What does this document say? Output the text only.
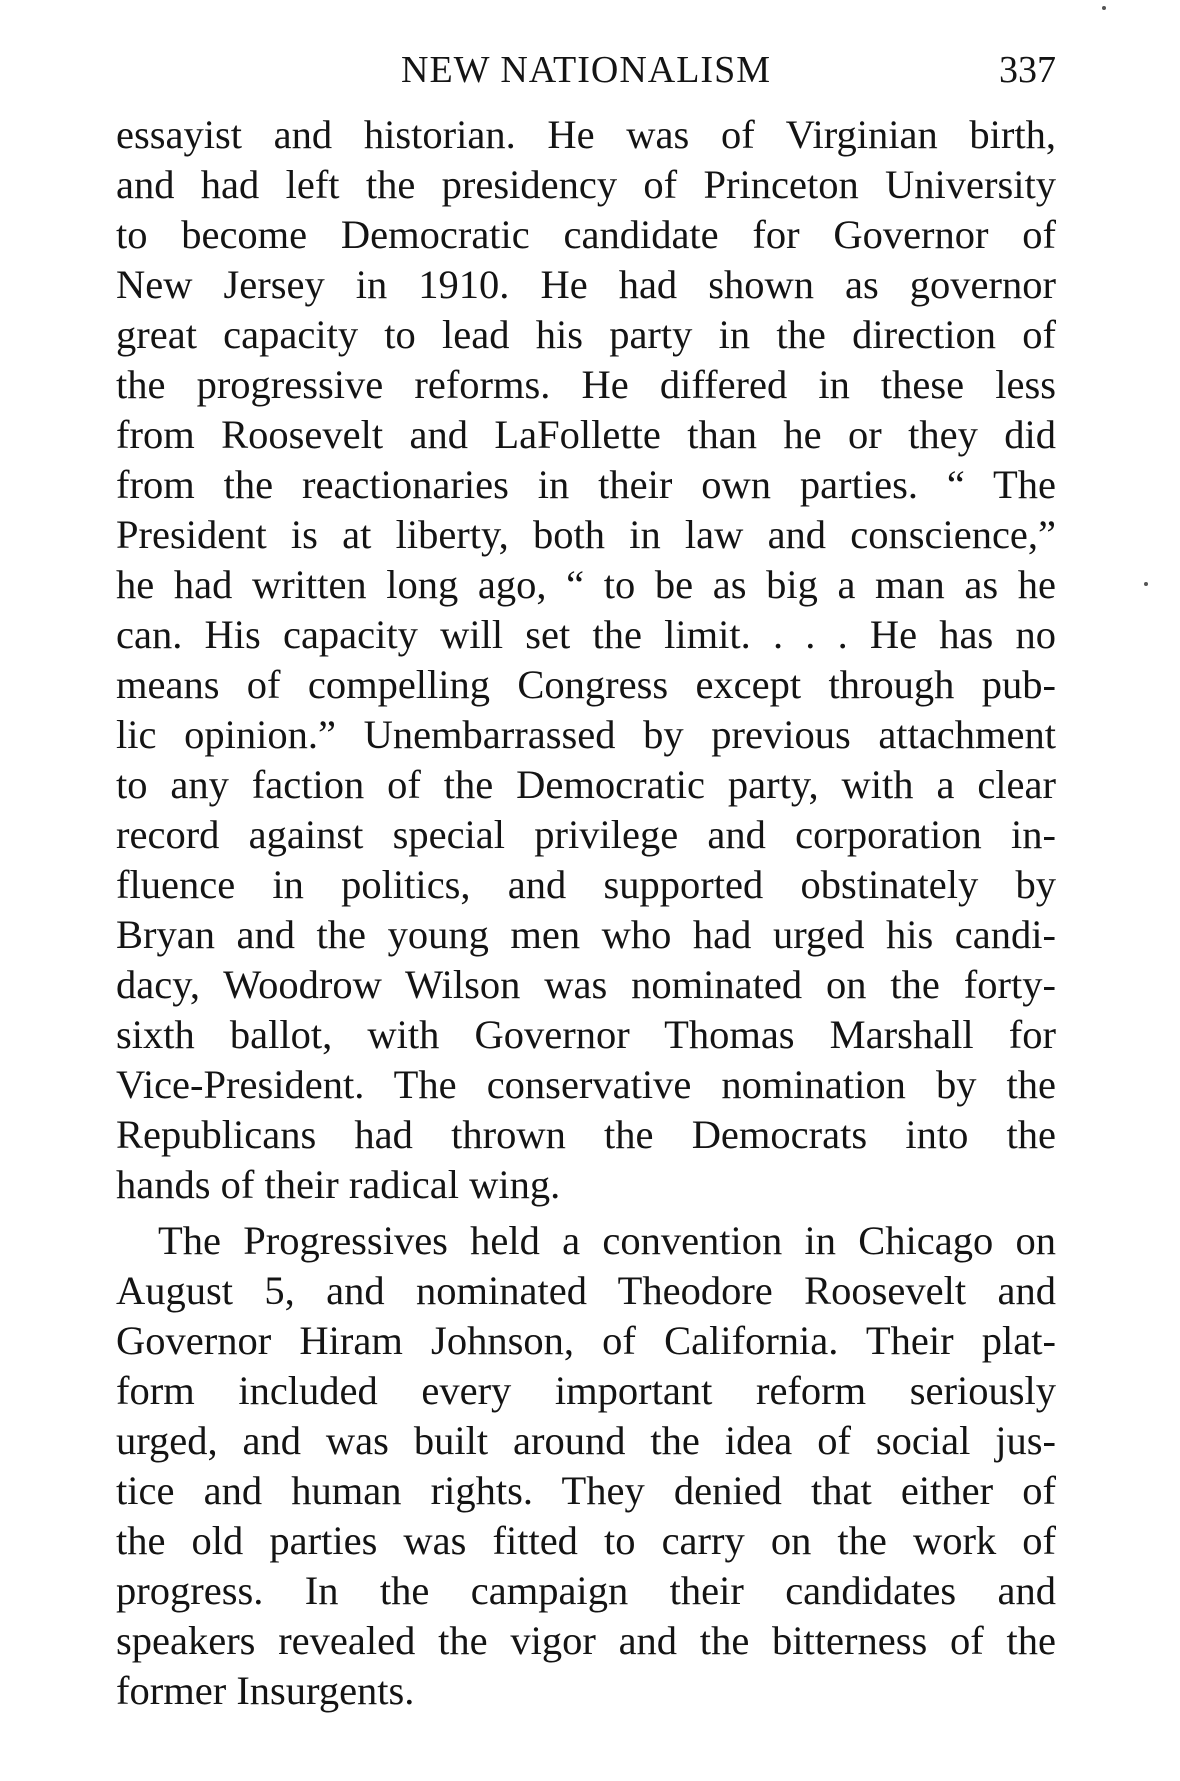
NEW NATIONALISM	337
essayist and historian. He was of Virginian birth,
and had left the presidency of Princeton University
to become Democratic candidate for Governor of
New Jersey in 1910. He had shown as governor
great capacity to lead his party in the direction of
the progressive reforms. He differed in these less
from Roosevelt and LaFollette than he or they did
from the reactionaries in their own parties. “ The
President is at liberty, both in law and conscience,”
he had written long ago, “ to be as big a man as he
can. His capacity will set the limit. . . . He has no
means of compelling Congress except through pub-
lic opinion.” Unembarrassed by previous attachment
to any faction of the Democratic party, with a clear
record against special privilege and corporation in-
fluence in politics, and supported obstinately by
Bryan and the young men who had urged his candi-
dacy, Woodrow Wilson was nominated on the forty-
sixth ballot, with Governor Thomas Marshall for
Vice-President. The conservative nomination by the
Republicans had thrown the Democrats into the
hands of their radical wing.
The Progressives held a convention in Chicago on
August 5, and nominated Theodore Roosevelt and
Governor Hiram Johnson, of California. Their plat-
form included every important reform seriously
urged, and was built around the idea of social jus-
tice and human rights. They denied that either of
the old parties was fitted to carry on the work of
progress. In the campaign their candidates and
speakers revealed the vigor and the bitterness of the
former Insurgents.
